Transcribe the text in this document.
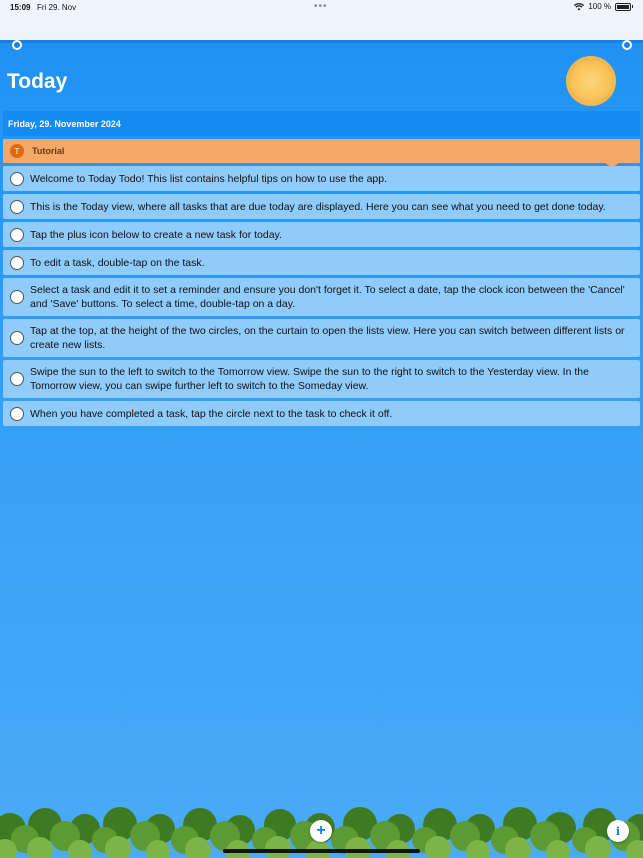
15:09 Fri 29. Nov	•••	100 %
Today
Friday, 29. November 2024
T	Tutorial
Welcome to Today Todo! This list contains helpful tips on how to use the app.
This is the Today view, where all tasks that are due today are displayed. Here you can see what you need to get done today.
Tap the plus icon below to create a new task for today.
To edit a task, double-tap on the task.
Select a task and edit it to set a reminder and ensure you don't forget it. To select a date, tap the clock icon between the 'Cancel' and 'Save' buttons. To select a time, double-tap on a day.
Tap at the top, at the height of the two circles, on the curtain to open the lists view. Here you can switch between different lists or create new lists.
Swipe the sun to the left to switch to the Tomorrow view. Swipe the sun to the right to switch to the Yesterday view. In the Tomorrow view, you can swipe further left to switch to the Someday view.
When you have completed a task, tap the circle next to the task to check it off.
+	i
